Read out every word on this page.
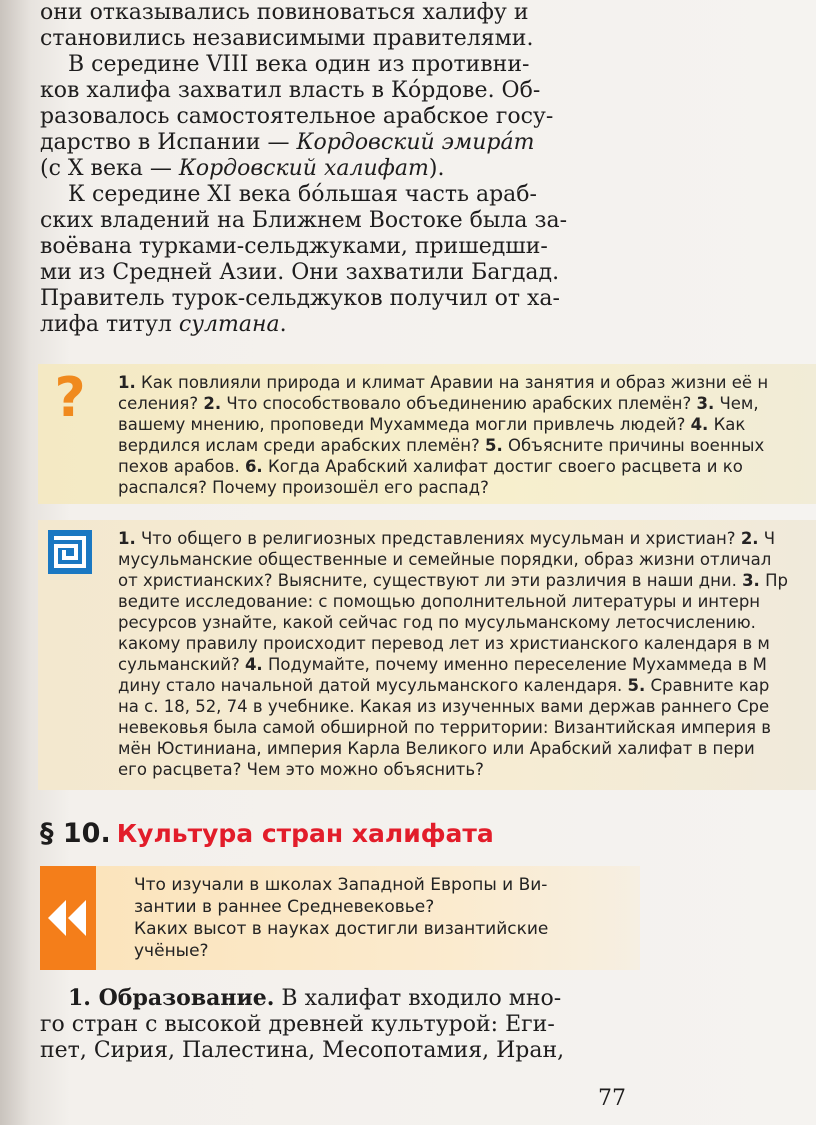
они отказывались повиноваться халифу и
становились независимыми правителями.

В середине VIII века один из противни-
ков халифа захватил власть в Ко́рдове. Об-
разовалось самостоятельное арабское госу-
дарство в Испании — Кордовский эмира́т
(с X века — Кордовский халифат).

К середине XI века бо́льшая часть араб-
ских владений на Ближнем Востоке была за-
воёвана турками-сельджуками, пришедши-
ми из Средней Азии. Они захватили Багдад.
Правитель турок-сельджуков получил от ха-
лифа титул султана.

? 1. Как повлияли природа и климат Аравии на занятия и образ жизни её н
селения? 2. Что способствовало объединению арабских племён? 3. Чем,
вашему мнению, проповеди Мухаммеда могли привлечь людей? 4. Как
вердился ислам среди арабских племён? 5. Объясните причины военных
пехов арабов. 6. Когда Арабский халифат достиг своего расцвета и ко
распался? Почему произошёл его распад?
1. Что общего в религиозных представлениях мусульман и христиан? 2. Ч
мусульманские общественные и семейные порядки, образ жизни отличал
от христианских? Выясните, существуют ли эти различия в наши дни. 3. Пр
ведите исследование: с помощью дополнительной литературы и интерн
ресурсов узнайте, какой сейчас год по мусульманскому летосчислению.
какому правилу происходит перевод лет из христианского календаря в м
сульманский? 4. Подумайте, почему именно переселение Мухаммеда в М
дину стало начальной датой мусульманского календаря. 5. Сравните кар
на с. 18, 52, 74 в учебнике. Какая из изученных вами держав раннего Сре
невековья была самой обширной по территории: Византийская империя в
мён Юстиниана, империя Карла Великого или Арабский халифат в пери
его расцвета? Чем это можно объяснить?
§ 10. Культура стран халифата
Что изучали в школах Западной Европы и Ви-
зантии в раннее Средневековье?
Каких высот в науках достигли византийские
учёные?
1. Образование. В халифат входило мно-
го стран с высокой древней культурой: Еги-
пет, Сирия, Палестина, Месопотамия, Иран,
77
